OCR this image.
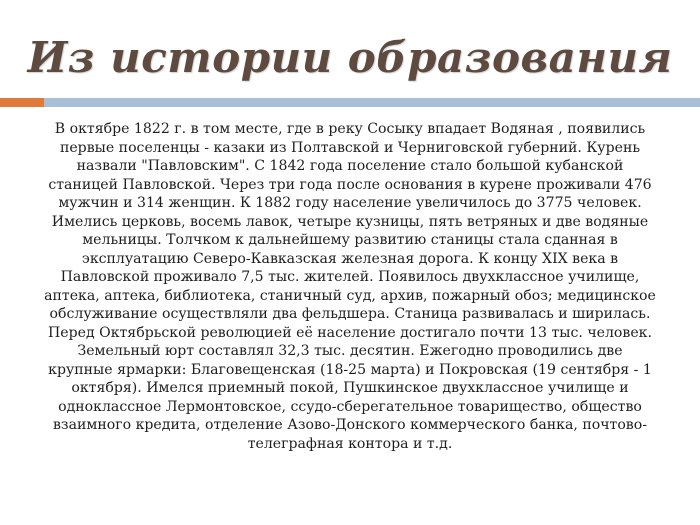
Из истории образования
В октябре 1822 г. в том месте, где в реку Сосыку впадает Водяная , появились
первые поселенцы - казаки из Полтавской и Черниговской губерний. Курень
назвали "Павловским". С 1842 года поселение стало большой кубанской
станицей Павловской. Через три года после основания в курене проживали 476
мужчин и 314 женщин. К 1882 году население увеличилось до 3775 человек.
Имелись церковь, восемь лавок, четыре кузницы, пять ветряных и две водяные
мельницы. Толчком к дальнейшему развитию станицы стала сданная в
эксплуатацию Северо-Кавказская железная дорога. К концу XIX века в
Павловской проживало 7,5 тыс. жителей. Появилось двухклассное училище,
аптека, аптека, библиотека, станичный суд, архив, пожарный обоз; медицинское
обслуживание осуществляли два фельдшера. Станица развивалась и ширилась.
Перед Октябрьской революцией её население достигало почти 13 тыс. человек.
Земельный юрт составлял 32,3 тыс. десятин. Ежегодно проводились две
крупные ярмарки: Благовещенская (18-25 марта) и Покровская (19 сентября - 1
октября). Имелся приемный покой, Пушкинское двухклассное училище и
одноклассное Лермонтовское, ссудо-сберегательное товарищество, общество
взаимного кредита, отделение Азово-Донского коммерческого банка, почтово-
телеграфная контора и т.д.
